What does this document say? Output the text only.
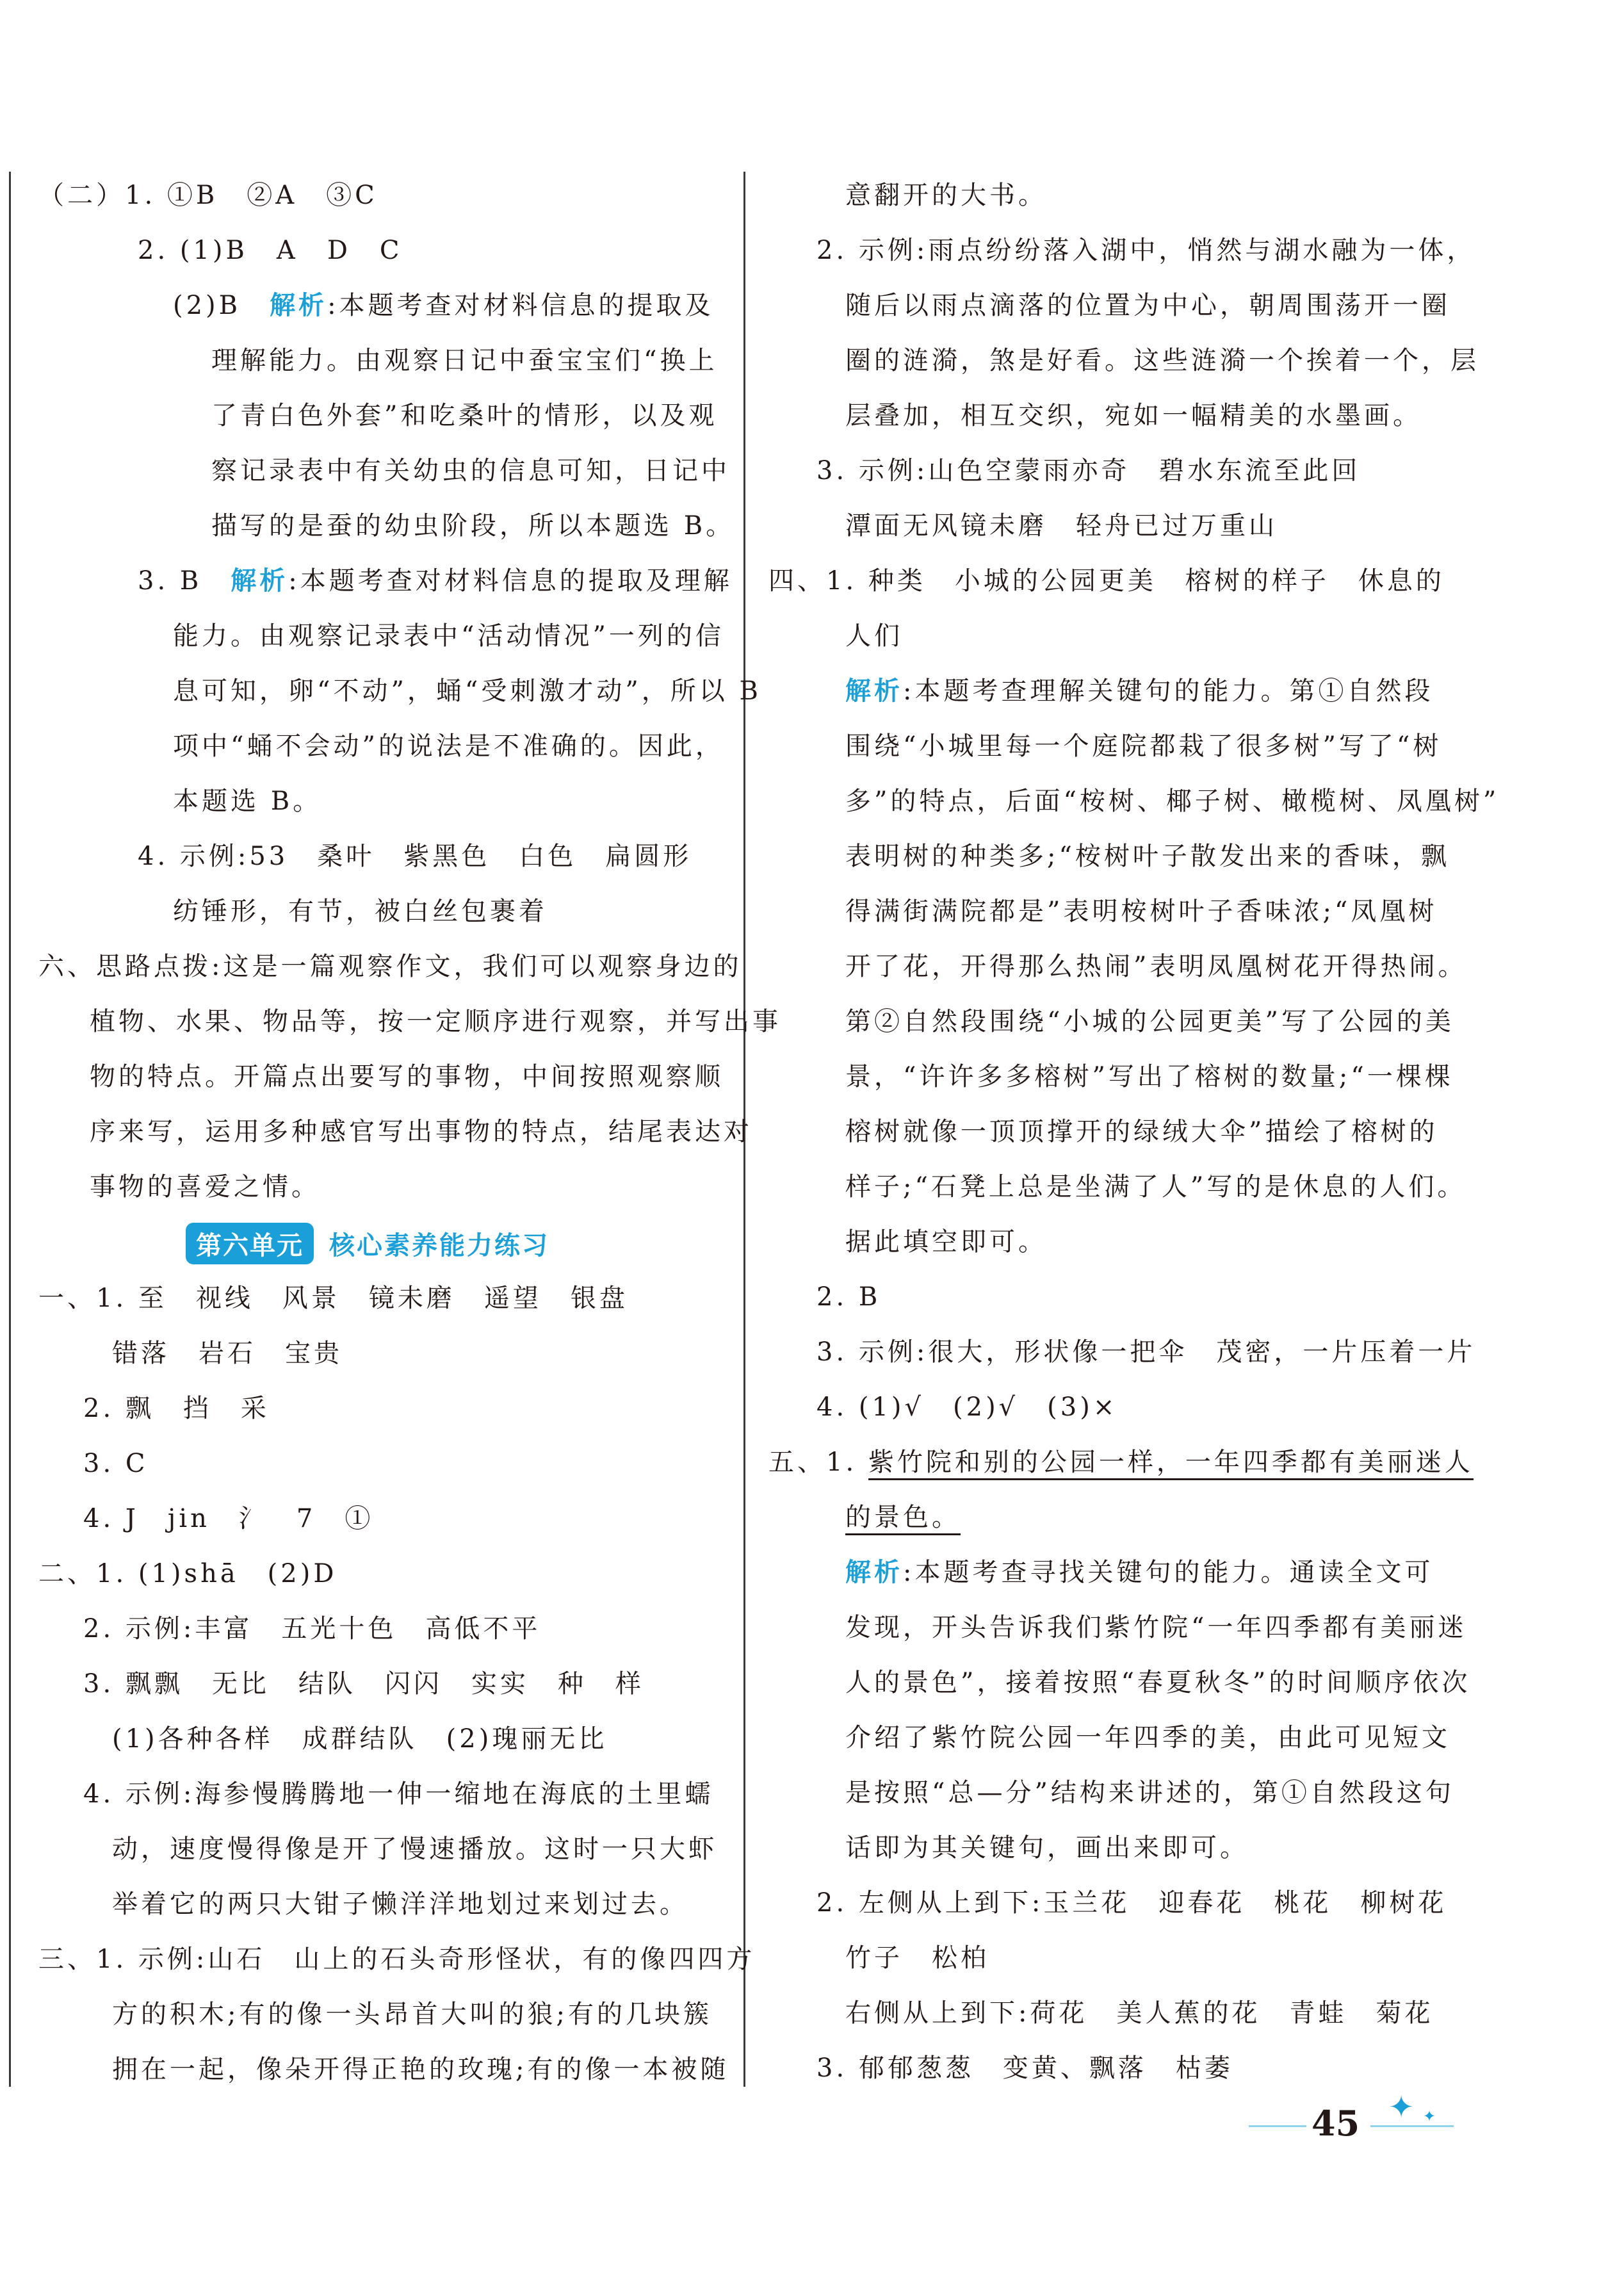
（二）1. ①B　②A　③C
2. (1)B　A　D　C
(2)B　解析:本题考查对材料信息的提取及
理解能力。由观察日记中蚕宝宝们“换上
了青白色外套”和吃桑叶的情形，以及观
察记录表中有关幼虫的信息可知，日记中
描写的是蚕的幼虫阶段，所以本题选 B。
3. B　解析:本题考查对材料信息的提取及理解
能力。由观察记录表中“活动情况”一列的信
息可知，卵“不动”，蛹“受刺激才动”，所以 B
项中“蛹不会动”的说法是不准确的。因此，
本题选 B。
4. 示例:53　桑叶　紫黑色　白色　扁圆形
纺锤形，有节，被白丝包裹着
六、思路点拨:这是一篇观察作文，我们可以观察身边的
植物、水果、物品等，按一定顺序进行观察，并写出事
物的特点。开篇点出要写的事物，中间按照观察顺
序来写，运用多种感官写出事物的特点，结尾表达对
事物的喜爱之情。
第六单元	核心素养能力练习
一、1. 至　视线　风景　镜未磨　遥望　银盘
错落　岩石　宝贵
2. 飘　挡　采
3. C
4. J　jin　氵　7　①
二、1. (1)shā　(2)D
2. 示例:丰富　五光十色　高低不平
3. 飘飘　无比　结队　闪闪　实实　种　样
(1)各种各样　成群结队　(2)瑰丽无比
4. 示例:海参慢腾腾地一伸一缩地在海底的土里蠕
动，速度慢得像是开了慢速播放。这时一只大虾
举着它的两只大钳子懒洋洋地划过来划过去。
三、1. 示例:山石　山上的石头奇形怪状，有的像四四方
方的积木;有的像一头昂首大叫的狼;有的几块簇
拥在一起，像朵开得正艳的玫瑰;有的像一本被随
意翻开的大书。
2. 示例:雨点纷纷落入湖中，悄然与湖水融为一体，
随后以雨点滴落的位置为中心，朝周围荡开一圈
圈的涟漪，煞是好看。这些涟漪一个挨着一个，层
层叠加，相互交织，宛如一幅精美的水墨画。
3. 示例:山色空蒙雨亦奇　碧水东流至此回
潭面无风镜未磨　轻舟已过万重山
四、1. 种类　小城的公园更美　榕树的样子　休息的
人们
解析:本题考查理解关键句的能力。第①自然段
围绕“小城里每一个庭院都栽了很多树”写了“树
多”的特点，后面“桉树、椰子树、橄榄树、凤凰树”
表明树的种类多;“桉树叶子散发出来的香味，飘
得满街满院都是”表明桉树叶子香味浓;“凤凰树
开了花，开得那么热闹”表明凤凰树花开得热闹。
第②自然段围绕“小城的公园更美”写了公园的美
景，“许许多多榕树”写出了榕树的数量;“一棵棵
榕树就像一顶顶撑开的绿绒大伞”描绘了榕树的
样子;“石凳上总是坐满了人”写的是休息的人们。
据此填空即可。
2. B
3. 示例:很大，形状像一把伞　茂密，一片压着一片
4. (1)√　(2)√　(3)×
五、1. 紫竹院和别的公园一样，一年四季都有美丽迷人
的景色。
解析:本题考查寻找关键句的能力。通读全文可
发现，开头告诉我们紫竹院“一年四季都有美丽迷
人的景色”，接着按照“春夏秋冬”的时间顺序依次
介绍了紫竹院公园一年四季的美，由此可见短文
是按照“总—分”结构来讲述的，第①自然段这句
话即为其关键句，画出来即可。
2. 左侧从上到下:玉兰花　迎春花　桃花　柳树花
竹子　松柏
右侧从上到下:荷花　美人蕉的花　青蛙　菊花
3. 郁郁葱葱　变黄、飘落　枯萎
45 ✦ ✦
